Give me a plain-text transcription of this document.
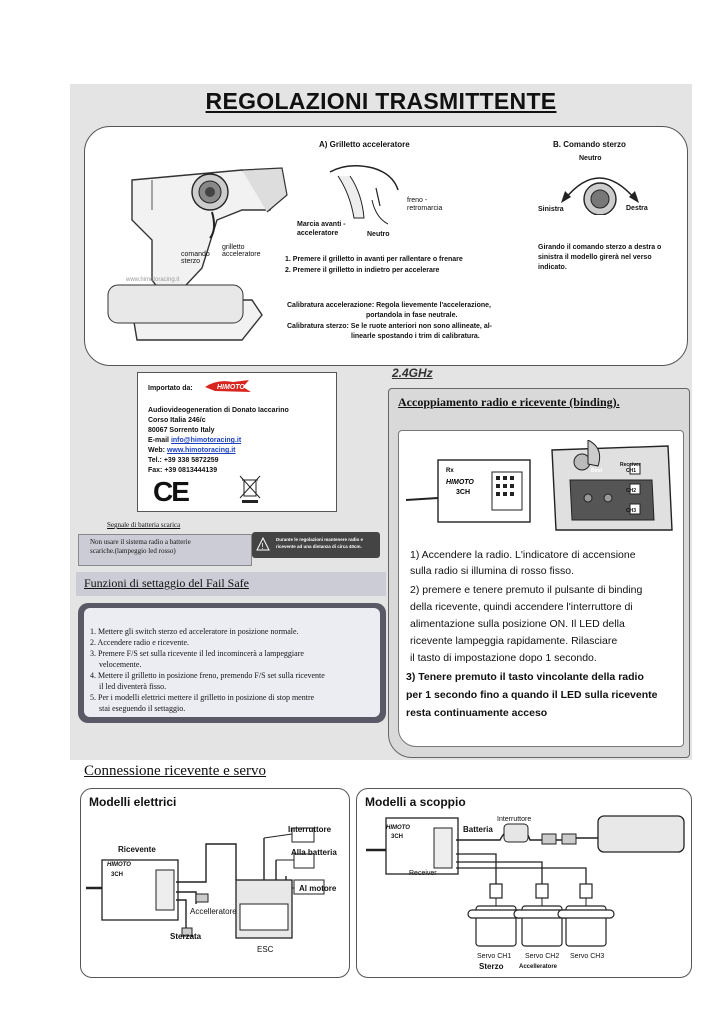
REGOLAZIONI TRASMITTENTE
comando
sterzo
grilletto
acceleratore
www.himotoracing.it
A) Grilletto acceleratore	B. Comando sterzo
freno -
retromarcia
Marcia avanti -
acceleratore	Neutro
1. Premere il grilletto in avanti per rallentare o frenare
2. Premere il grilletto in indietro per accelerare
Neutro
Sinistra	Destra
Girando il comando sterzo a destra o
sinistra il modello girerà nel verso
indicato.
Calibratura accelerazione: Regola lievemente l'accelerazione,
portandola in fase neutrale.
Calibratura sterzo: Se le ruote anteriori non sono allineate, al-
linearle spostando i trim di calibratura.
Importato da:	HIMOTO
Audiovideogeneration di Donato Iaccarino
Corso Italia 246/c
80067 Sorrento Italy
E-mail info@himotoracing.it
Web: www.himotoracing.it
Tel.: +39 338 5872259
Fax: +39 0813444139
CE
Segnale di batteria scarica
Non usare il sistema radio a batterie
scariche.(lampeggio led rosso)	!
Durante le regolazioni mantenere radio e
ricevente ad una distanza di circa 40cm.
Funzioni di settaggio del Fail Safe
1. Mettere gli switch sterzo ed acceleratore in posizione normale.
2. Accendere radio e ricevente.
3. Premere F/S set sulla ricevente il led incomincerà a lampeggiare
velocemente.
4. Mettere il grilletto in posizione freno, premendo F/S set sulla ricevente
il led diventerà fisso.
5. Per i modelli elettrici mettere il grilletto in posizione di stop mentre
stai eseguendo il settaggio.
2.4GHz
Accoppiamento radio e ricevente (binding).
Rx
HIMOTO
3CH
Bind
Receiver
CH1
CH2
CH3
1) Accendere la radio. L'indicatore di accensione
sulla radio si illumina di rosso fisso.
2) premere e tenere premuto il pulsante di binding
della ricevente, quindi accendere l'interruttore di
alimentazione sulla posizione ON. Il LED della
ricevente lampeggia rapidamente. Rilasciare
il tasto di impostazione dopo 1 secondo.
3) Tenere premuto il tasto vincolante della radio
per 1 secondo fino a quando il LED sulla ricevente
resta continuamente acceso
Connessione ricevente e servo
Modelli elettrici
Ricevente
HIMOTO
3CH
Interruttore
Alla batteria
Al motore
Accelleratore
Sterzata
ESC
Modelli a scoppio
HIMOTO
3CH
Batteria
Interruttore
Receiver
Servo CH1 Servo CH2 Servo CH3
Sterzo	Accelleratore
